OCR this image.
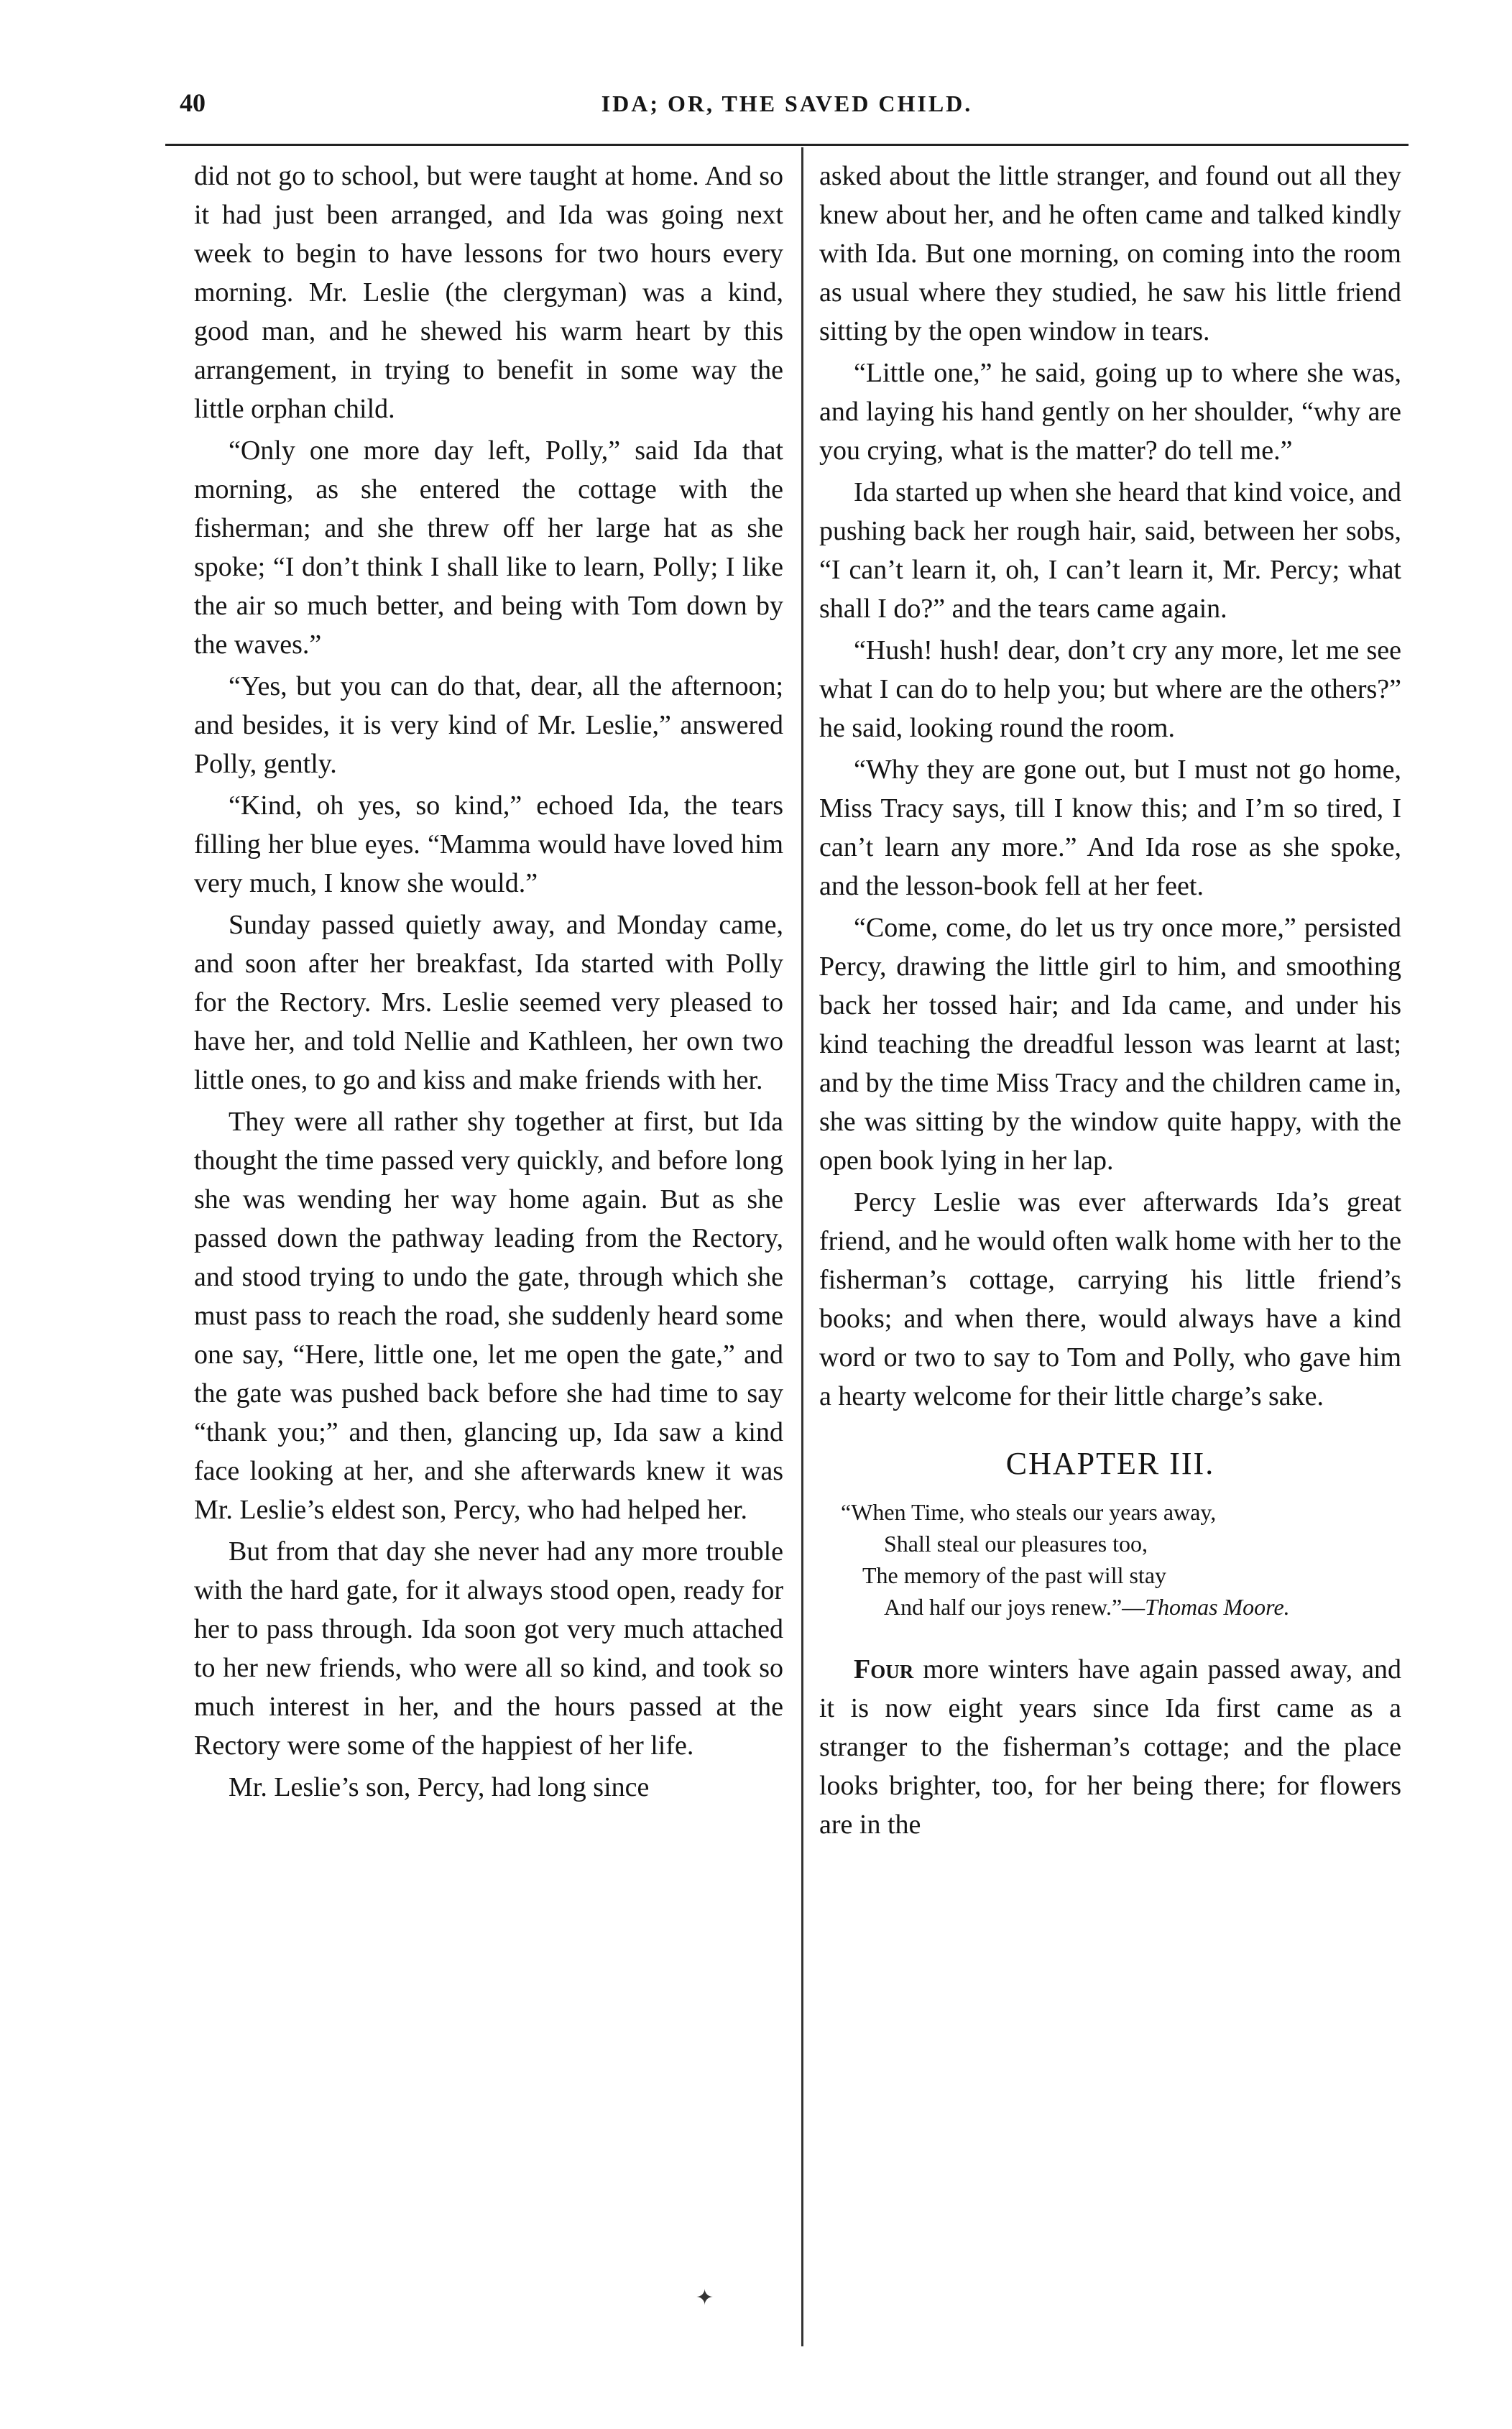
40	IDA; OR, THE SAVED CHILD.

did not go to school, but were taught at home. And so it had just been arranged, and Ida was going next week to begin to have lessons for two hours every morning. Mr. Leslie (the clergyman) was a kind, good man, and he shewed his warm heart by this arrangement, in trying to benefit in some way the little orphan child.

“Only one more day left, Polly,” said Ida that morning, as she entered the cottage with the fisherman; and she threw off her large hat as she spoke; “I don’t think I shall like to learn, Polly; I like the air so much better, and being with Tom down by the waves.”

“Yes, but you can do that, dear, all the afternoon; and besides, it is very kind of Mr. Leslie,” answered Polly, gently.

“Kind, oh yes, so kind,” echoed Ida, the tears filling her blue eyes. “Mamma would have loved him very much, I know she would.”

Sunday passed quietly away, and Monday came, and soon after her breakfast, Ida started with Polly for the Rectory. Mrs. Leslie seemed very pleased to have her, and told Nellie and Kathleen, her own two little ones, to go and kiss and make friends with her.

They were all rather shy together at first, but Ida thought the time passed very quickly, and before long she was wending her way home again. But as she passed down the pathway leading from the Rectory, and stood trying to undo the gate, through which she must pass to reach the road, she suddenly heard some one say, “Here, little one, let me open the gate,” and the gate was pushed back before she had time to say “thank you;” and then, glancing up, Ida saw a kind face looking at her, and she afterwards knew it was Mr. Leslie’s eldest son, Percy, who had helped her.

But from that day she never had any more trouble with the hard gate, for it always stood open, ready for her to pass through. Ida soon got very much attached to her new friends, who were all so kind, and took so much interest in her, and the hours passed at the Rectory were some of the happiest of her life.

Mr. Leslie’s son, Percy, had long since

asked about the little stranger, and found out all they knew about her, and he often came and talked kindly with Ida. But one morning, on coming into the room as usual where they studied, he saw his little friend sitting by the open window in tears.

“Little one,” he said, going up to where she was, and laying his hand gently on her shoulder, “why are you crying, what is the matter? do tell me.”

Ida started up when she heard that kind voice, and pushing back her rough hair, said, between her sobs, “I can’t learn it, oh, I can’t learn it, Mr. Percy; what shall I do?” and the tears came again.

“Hush! hush! dear, don’t cry any more, let me see what I can do to help you; but where are the others?” he said, looking round the room.

“Why they are gone out, but I must not go home, Miss Tracy says, till I know this; and I’m so tired, I can’t learn any more.” And Ida rose as she spoke, and the lesson-book fell at her feet.

“Come, come, do let us try once more,” persisted Percy, drawing the little girl to him, and smoothing back her tossed hair; and Ida came, and under his kind teaching the dreadful lesson was learnt at last; and by the time Miss Tracy and the children came in, she was sitting by the window quite happy, with the open book lying in her lap.

Percy Leslie was ever afterwards Ida’s great friend, and he would often walk home with her to the fisherman’s cottage, carrying his little friend’s books; and when there, would always have a kind word or two to say to Tom and Polly, who gave him a hearty welcome for their little charge’s sake.

CHAPTER III.
“When Time, who steals our years away,
Shall steal our pleasures too,
The memory of the past will stay
And half our joys renew.”—Thomas Moore.

Four more winters have again passed away, and it is now eight years since Ida first came as a stranger to the fisherman’s cottage; and the place looks brighter, too, for her being there; for flowers are in the

✦
